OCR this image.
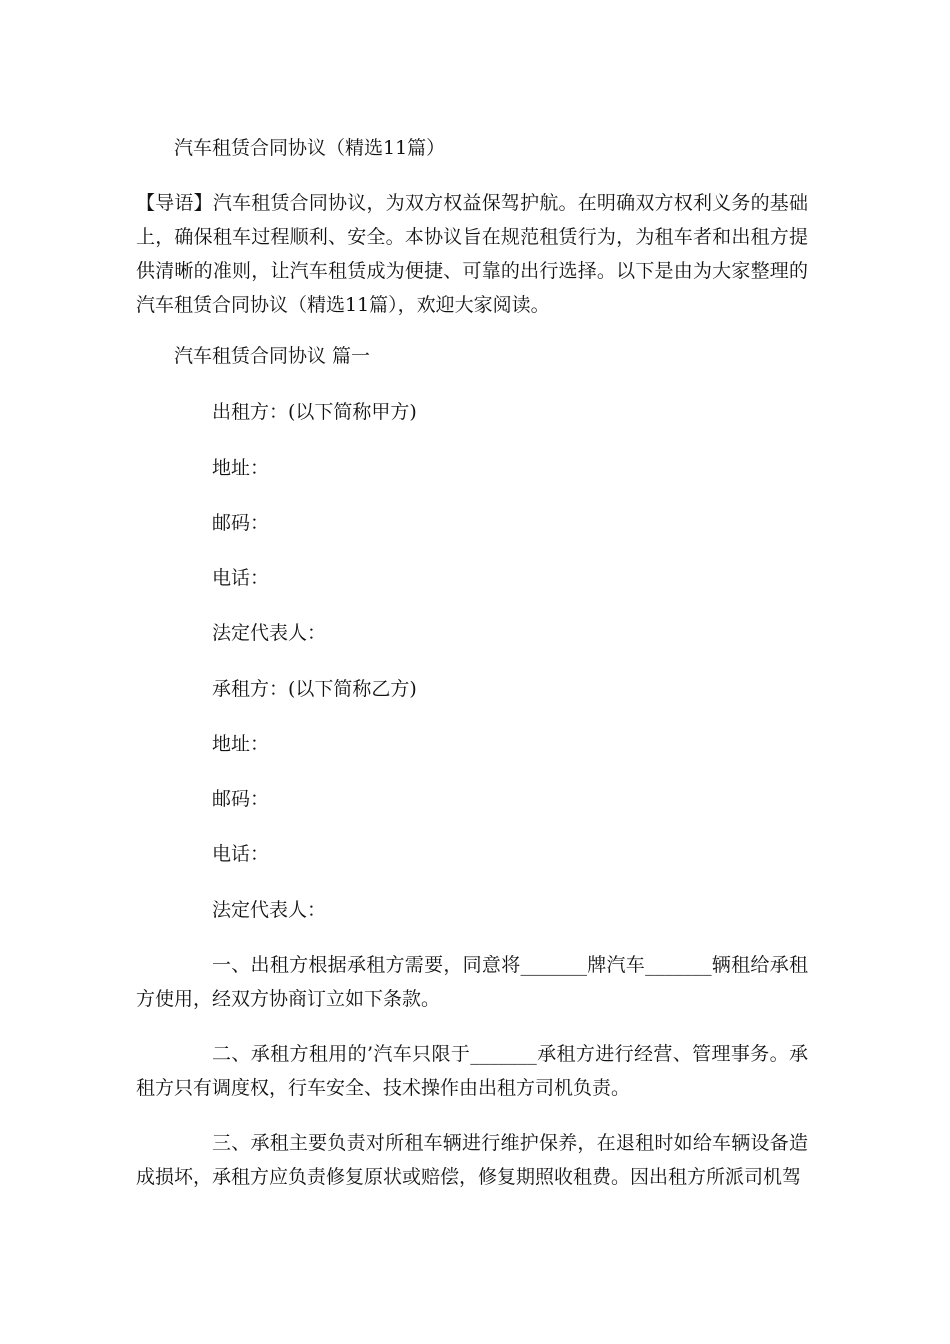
汽车租赁合同协议（精选11篇）

【导语】汽车租赁合同协议，为双方权益保驾护航。在明确双方权利义务的基础上，确保租车过程顺利、安全。本协议旨在规范租赁行为，为租车者和出租方提供清晰的准则，让汽车租赁成为便捷、可靠的出行选择。以下是由为大家整理的汽车租赁合同协议（精选11篇），欢迎大家阅读。

汽车租赁合同协议 篇一
出租方：(以下简称甲方)
地址：
邮码：
电话：
法定代表人：
承租方：(以下简称乙方)
地址：
邮码：
电话：
法定代表人：

一、出租方根据承租方需要，同意将_______牌汽车_______辆租给承租方使用，经双方协商订立如下条款。

二、承租方租用的’汽车只限于_______承租方进行经营、管理事务。承租方只有调度权，行车安全、技术操作由出租方司机负责。

三、承租主要负责对所租车辆进行维护保养，在退租时如给车辆设备造成损坏，承租方应负责修复原状或赔偿，修复期照收租费。因出租方所派司机驾
